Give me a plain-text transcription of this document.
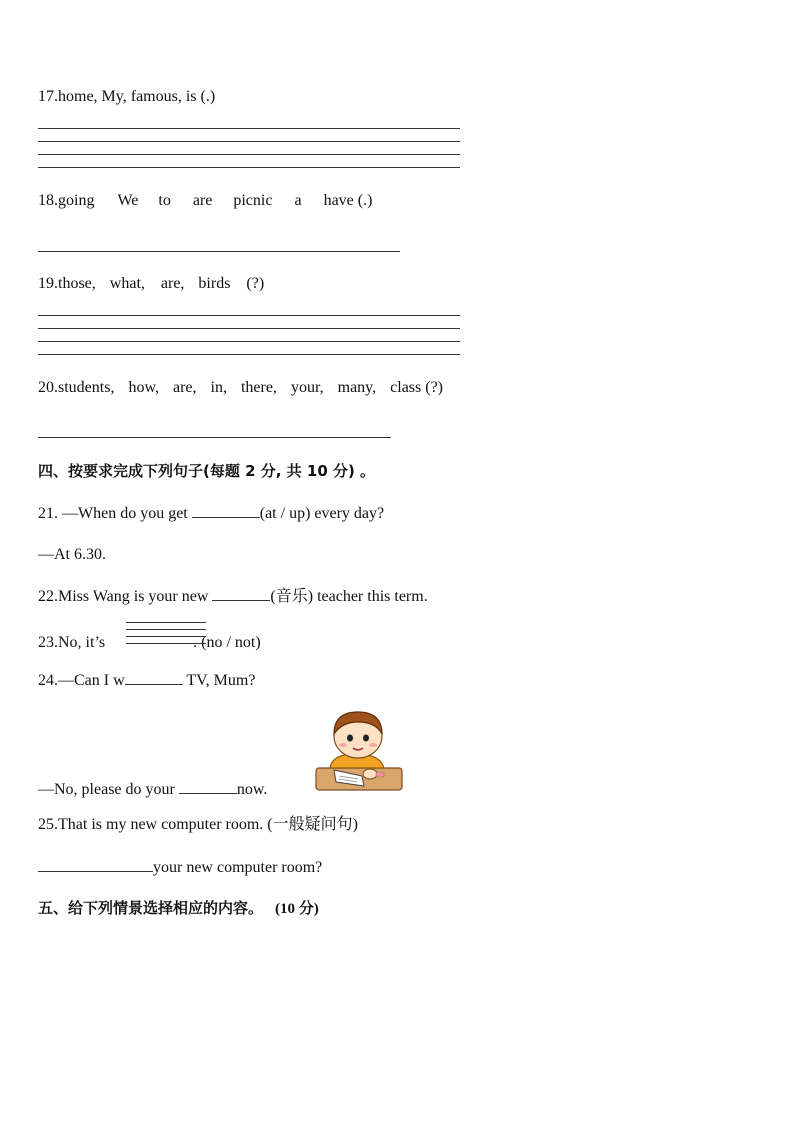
17.home, My, famous, is (.)
18.going We to are picnic a have (.)
19.those, what, are, birds (?)
20.students, how, are, in, there, your, many, class (?)
四、按要求完成下列句子(每题 2 分, 共 10 分) 。
21. —When do you get	(at / up) every day?
—At 6.30.
22.Miss Wang is your new	(音乐) teacher this term.
23.No, it’s	. (no / not)
24.—Can I w	TV, Mum?
—No, please do your	now.
25.That is my new computer room. (一般疑问句)
your new computer room?
五、给下列情景选择相应的内容。 (10 分)
